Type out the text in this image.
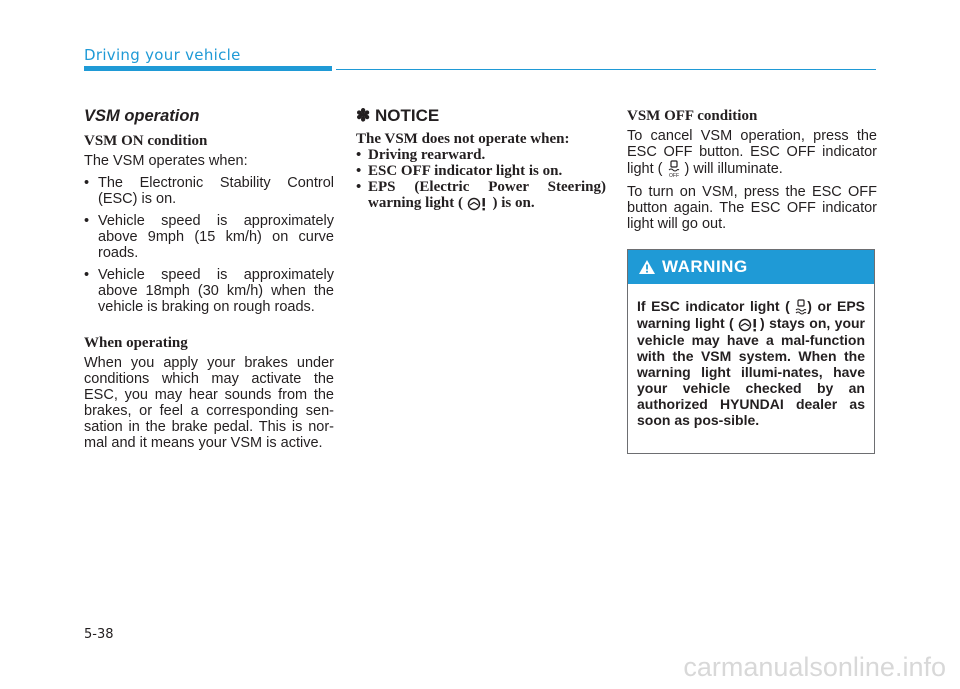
Driving your vehicle
VSM operation
VSM ON condition

The VSM operates when:

• The Electronic Stability Control (ESC) is on.
• Vehicle speed is approximately above 9mph (15 km/h) on curve roads.
• Vehicle speed is approximately above 18mph (30 km/h) when the vehicle is braking on rough roads.
When operating

When you apply your brakes under conditions which may activate the ESC, you may hear sounds from the brakes, or feel a corresponding sen-sation in the brake pedal. This is nor-mal and it means your VSM is active.

✽ NOTICE
The VSM does not operate when:
• Driving rearward.
• ESC OFF indicator light is on.
• EPS (Electric Power Steering) warning light ( ) is on.
VSM OFF condition

To cancel VSM operation, press the ESC OFF button. ESC OFF indicator light ( OFF ) will illuminate.

To turn on VSM, press the ESC OFF button again. The ESC OFF indicator light will go out.

WARNING
If ESC indicator light ( ) or EPS warning light ( ) stays on, your vehicle may have a mal-function with the VSM system. When the warning light illumi-nates, have your vehicle checked by an authorized HYUNDAI dealer as soon as pos-sible.
5-38
carmanualsonline.info
